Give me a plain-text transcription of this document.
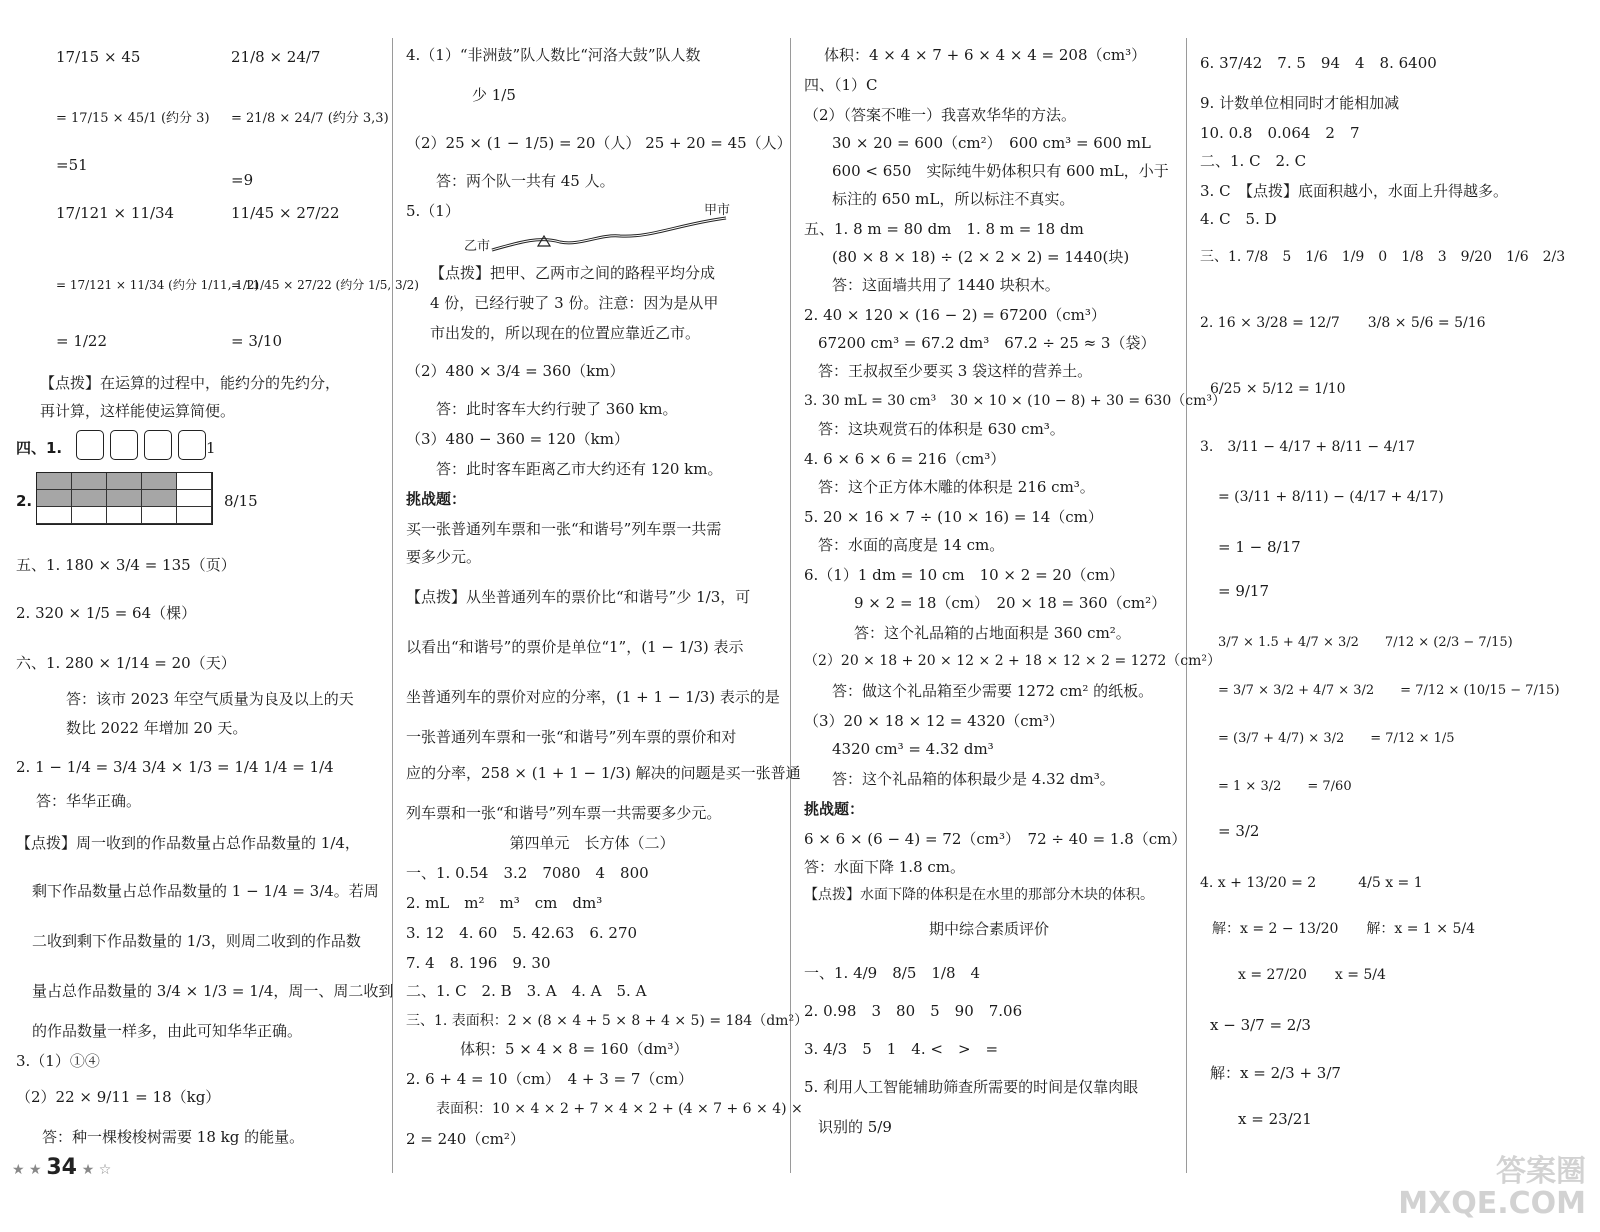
17/15 × 45	21/8 × 24/7
= 17/15 × 45/1 (约分 3) = 21/8 × 24/7 (约分 3,3)
=51
=9
17/121 × 11/34	11/45 × 27/22
= 17/121 × 11/34 (约分 1/11, 1/2)
= 11/45 × 27/22 (约分 1/5, 3/2)
= 1/22	= 3/10
【点拨】在运算的过程中，能约分的先约分，
再计算，这样能使运算简便。
四、1.	1
2.	8/15
五、1. 180 × 3/4 = 135（页）
2. 320 × 1/5 = 64（棵）
六、1. 280 × 1/14 = 20（天）
答：该市 2023 年空气质量为良及以上的天
数比 2022 年增加 20 天。
2. 1 − 1/4 = 3/4 3/4 × 1/3 = 1/4 1/4 = 1/4
答：华华正确。
【点拨】周一收到的作品数量占总作品数量的 1/4，
剩下作品数量占总作品数量的 1 − 1/4 = 3/4。若周
二收到剩下作品数量的 1/3，则周二收到的作品数
量占总作品数量的 3/4 × 1/3 = 1/4，周一、周二收到
的作品数量一样多，由此可知华华正确。
3.（1）①④
（2）22 × 9/11 = 18（kg）
答：种一棵梭梭树需要 18 kg 的能量。
4.（1）“非洲鼓”队人数比“河洛大鼓”队人数
少 1/5
（2）25 × (1 − 1/5) = 20（人） 25 + 20 = 45（人）
答：两个队一共有 45 人。
5.（1）	甲市
乙市
【点拨】把甲、乙两市之间的路程平均分成
4 份，已经行驶了 3 份。注意：因为是从甲
市出发的，所以现在的位置应靠近乙市。
（2）480 × 3/4 = 360（km）
答：此时客车大约行驶了 360 km。
（3）480 − 360 = 120（km）
答：此时客车距离乙市大约还有 120 km。
挑战题：
买一张普通列车票和一张“和谐号”列车票一共需
要多少元。
【点拨】从坐普通列车的票价比“和谐号”少 1/3，可
以看出“和谐号”的票价是单位“1”，(1 − 1/3) 表示
坐普通列车的票价对应的分率，(1 + 1 − 1/3) 表示的是
一张普通列车票和一张“和谐号”列车票的票价和对
应的分率，258 × (1 + 1 − 1/3) 解决的问题是买一张普通
列车票和一张“和谐号”列车票一共需要多少元。
第四单元　长方体（二）
一、1. 0.54　3.2　7080　4　800
2. mL　m²　m³　cm　dm³
3. 12　4. 60　5. 42.63　6. 270
7. 4　8. 196　9. 30
二、1. C　2. B　3. A　4. A　5. A
三、1. 表面积：2 × (8 × 4 + 5 × 8 + 4 × 5) = 184（dm²）
体积：5 × 4 × 8 = 160（dm³）
2. 6 + 4 = 10（cm）　4 + 3 = 7（cm）
表面积：10 × 4 × 2 + 7 × 4 × 2 + (4 × 7 + 6 × 4) ×
2 = 240（cm²）
体积：4 × 4 × 7 + 6 × 4 × 4 = 208（cm³）
四、（1）C
（2）（答案不唯一）我喜欢华华的方法。
30 × 20 = 600（cm²）　600 cm³ = 600 mL
600 < 650　实际纯牛奶体积只有 600 mL，小于
标注的 650 mL，所以标注不真实。
五、1. 8 m = 80 dm　1. 8 m = 18 dm
(80 × 8 × 18) ÷ (2 × 2 × 2) = 1440(块)
答：这面墙共用了 1440 块积木。
2. 40 × 120 × (16 − 2) = 67200（cm³）
67200 cm³ = 67.2 dm³　67.2 ÷ 25 ≈ 3（袋）
答：王叔叔至少要买 3 袋这样的营养土。
3. 30 mL = 30 cm³　30 × 10 × (10 − 8) + 30 = 630（cm³）
答：这块观赏石的体积是 630 cm³。
4. 6 × 6 × 6 = 216（cm³）
答：这个正方体木雕的体积是 216 cm³。
5. 20 × 16 × 7 ÷ (10 × 16) = 14（cm）
答：水面的高度是 14 cm。
6.（1）1 dm = 10 cm　10 × 2 = 20（cm）
9 × 2 = 18（cm）　20 × 18 = 360（cm²）
答：这个礼品箱的占地面积是 360 cm²。
（2）20 × 18 + 20 × 12 × 2 + 18 × 12 × 2 = 1272（cm²）
答：做这个礼品箱至少需要 1272 cm² 的纸板。
（3）20 × 18 × 12 = 4320（cm³）
4320 cm³ = 4.32 dm³
答：这个礼品箱的体积最少是 4.32 dm³。
挑战题：
6 × 6 × (6 − 4) = 72（cm³）　72 ÷ 40 = 1.8（cm）
答：水面下降 1.8 cm。
【点拨】水面下降的体积是在水里的那部分木块的体积。
期中综合素质评价
一、1. 4/9　8/5　1/8　4
2. 0.98　3　80　5　90　7.06
3. 4/3　5　1　4. <　>　=
5. 利用人工智能辅助筛查所需要的时间是仅靠肉眼
识别的 5/9
6. 37/42　7. 5　94　4　8. 6400
9. 计数单位相同时才能相加减
10. 0.8　0.064　2　7
二、1. C　2. C
3. C　【点拨】底面积越小，水面上升得越多。
4. C　5. D
三、1. 7/8　5　1/6　1/9　0　1/8　3　9/20　1/6　2/3
2. 16 × 3/28 = 12/7　　3/8 × 5/6 = 5/16
6/25 × 5/12 = 1/10
3.　3/11 − 4/17 + 8/11 − 4/17
= (3/11 + 8/11) − (4/17 + 4/17)
= 1 − 8/17
= 9/17
3/7 × 1.5 + 4/7 × 3/2　　7/12 × (2/3 − 7/15)
= 3/7 × 3/2 + 4/7 × 3/2　　= 7/12 × (10/15 − 7/15)
= (3/7 + 4/7) × 3/2　　= 7/12 × 1/5
= 1 × 3/2　　= 7/60
= 3/2
4. x + 13/20 = 2　　　4/5 x = 1
解：x = 2 − 13/20　　解：x = 1 × 5/4
x = 27/20　　x = 5/4
x − 3/7 = 2/3
解：x = 2/3 + 3/7
x = 23/21
★ ★ 34 ★ ☆	答案圈
MXQE.COM
